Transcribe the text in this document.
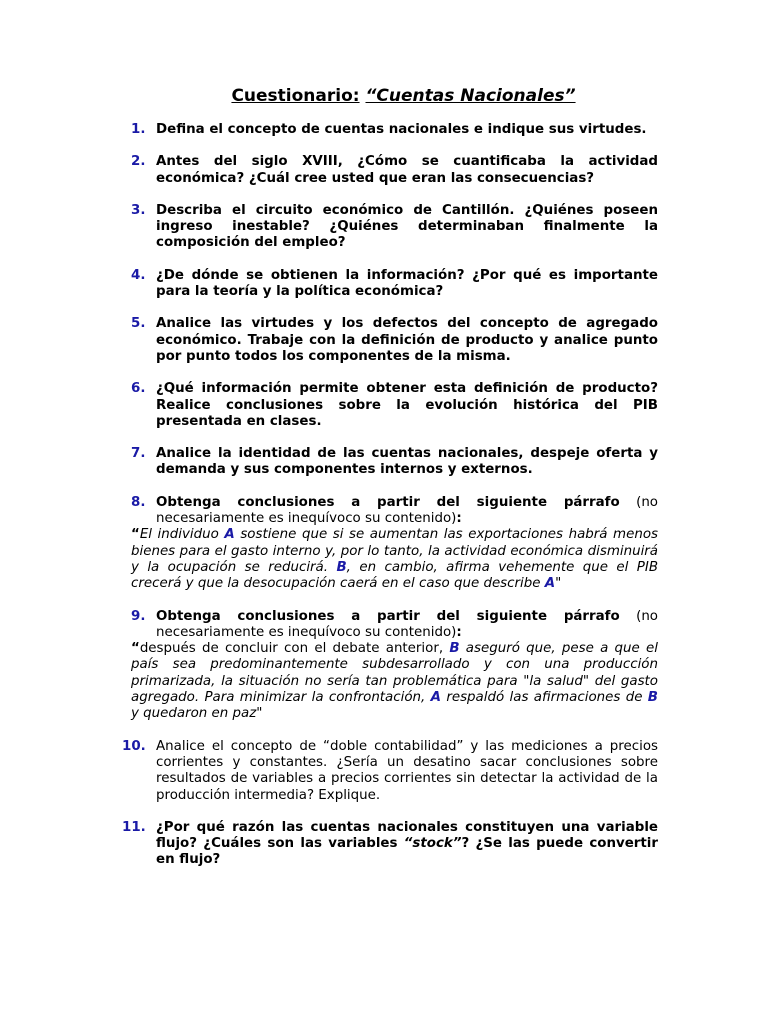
Cuestionario: “Cuentas Nacionales”
1. Defina el concepto de cuentas nacionales e indique sus virtudes.
2. Antes del siglo XVIII, ¿Cómo se cuantificaba la actividad económica? ¿Cuál cree usted que eran las consecuencias?
3. Describa el circuito económico de Cantillón. ¿Quiénes poseen ingreso inestable? ¿Quiénes determinaban finalmente la composición del empleo?
4. ¿De dónde se obtienen la información? ¿Por qué es importante para la teoría y la política económica?
5. Analice las virtudes y los defectos del concepto de agregado económico. Trabaje con la definición de producto y analice punto por punto todos los componentes de la misma.
6. ¿Qué información permite obtener esta definición de producto? Realice conclusiones sobre la evolución histórica del PIB presentada en clases.
7. Analice la identidad de las cuentas nacionales, despeje oferta y demanda y sus componentes internos y externos.
8. Obtenga conclusiones a partir del siguiente párrafo (no necesariamente es inequívoco su contenido):
“El individuo A sostiene que si se aumentan las exportaciones habrá menos bienes para el gasto interno y, por lo tanto, la actividad económica disminuirá y la ocupación se reducirá. B, en cambio, afirma vehemente que el PIB crecerá y que la desocupación caerá en el caso que describe A"
9. Obtenga conclusiones a partir del siguiente párrafo (no necesariamente es inequívoco su contenido):
“después de concluir con el debate anterior, B aseguró que, pese a que el país sea predominantemente subdesarrollado y con una producción primarizada, la situación no sería tan problemática para "la salud" del gasto agregado. Para minimizar la confrontación, A respaldó las afirmaciones de B y quedaron en paz"
10. Analice el concepto de “doble contabilidad” y las mediciones a precios corrientes y constantes. ¿Sería un desatino sacar conclusiones sobre resultados de variables a precios corrientes sin detectar la actividad de la producción intermedia? Explique.
11. ¿Por qué razón las cuentas nacionales constituyen una variable flujo? ¿Cuáles son las variables “stock”? ¿Se las puede convertir en flujo?
